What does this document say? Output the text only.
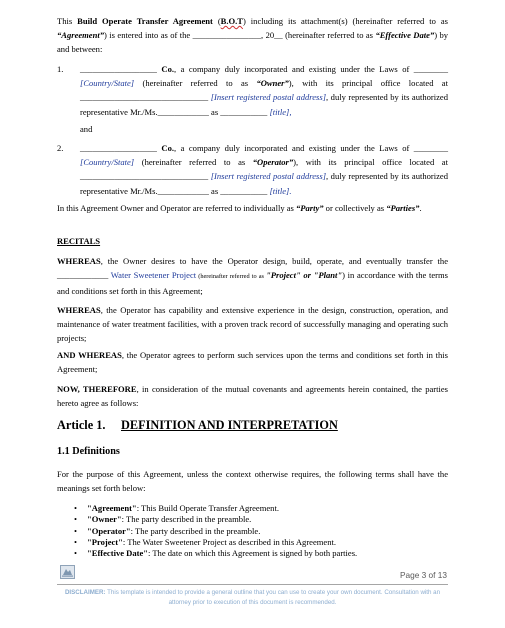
This Build Operate Transfer Agreement (B.O.T) including its attachment(s) (hereinafter referred to as “Agreement”) is entered into as of the ________________, 20__ (hereinafter referred to as “Effective Date”) by and between:

1. __________________ Co., a company duly incorporated and existing under the Laws of ________ [Country/State] (hereinafter referred to as “Owner”), with its principal office located at ______________________________ [Insert registered postal address], duly represented by its authorized representative Mr./Ms.____________ as ___________ [title],

and

2. __________________ Co., a company duly incorporated and existing under the Laws of ________ [Country/State] (hereinafter referred to as “Operator”), with its principal office located at ______________________________ [Insert registered postal address], duly represented by its authorized representative Mr./Ms.____________ as ___________ [title].

In this Agreement Owner and Operator are referred to individually as “Party” or collectively as “Parties”.

RECITALS

WHEREAS, the Owner desires to have the Operator design, build, operate, and eventually transfer the ____________ Water Sweetener Project (hereinafter referred to as "Project" or "Plant") in accordance with the terms and conditions set forth in this Agreement;

WHEREAS, the Operator has capability and extensive experience in the design, construction, operation, and maintenance of water treatment facilities, with a proven track record of successfully managing and operating such projects;

AND WHEREAS, the Operator agrees to perform such services upon the terms and conditions set forth in this Agreement;

NOW, THEREFORE, in consideration of the mutual covenants and agreements herein contained, the parties hereto agree as follows:

Article 1. DEFINITION AND INTERPRETATION
1.1 Definitions

For the purpose of this Agreement, unless the context otherwise requires, the following terms shall have the meanings set forth below:

• "Agreement": This Build Operate Transfer Agreement.
• "Owner": The party described in the preamble.
• "Operator": The party described in the preamble.
• "Project": The Water Sweetener Project as described in this Agreement.
• "Effective Date": The date on which this Agreement is signed by both parties.
Page 3 of 13
DISCLAIMER: This template is intended to provide a general outline that you can use to create your own document. Consultation with an attorney prior to execution of this document is recommended.
